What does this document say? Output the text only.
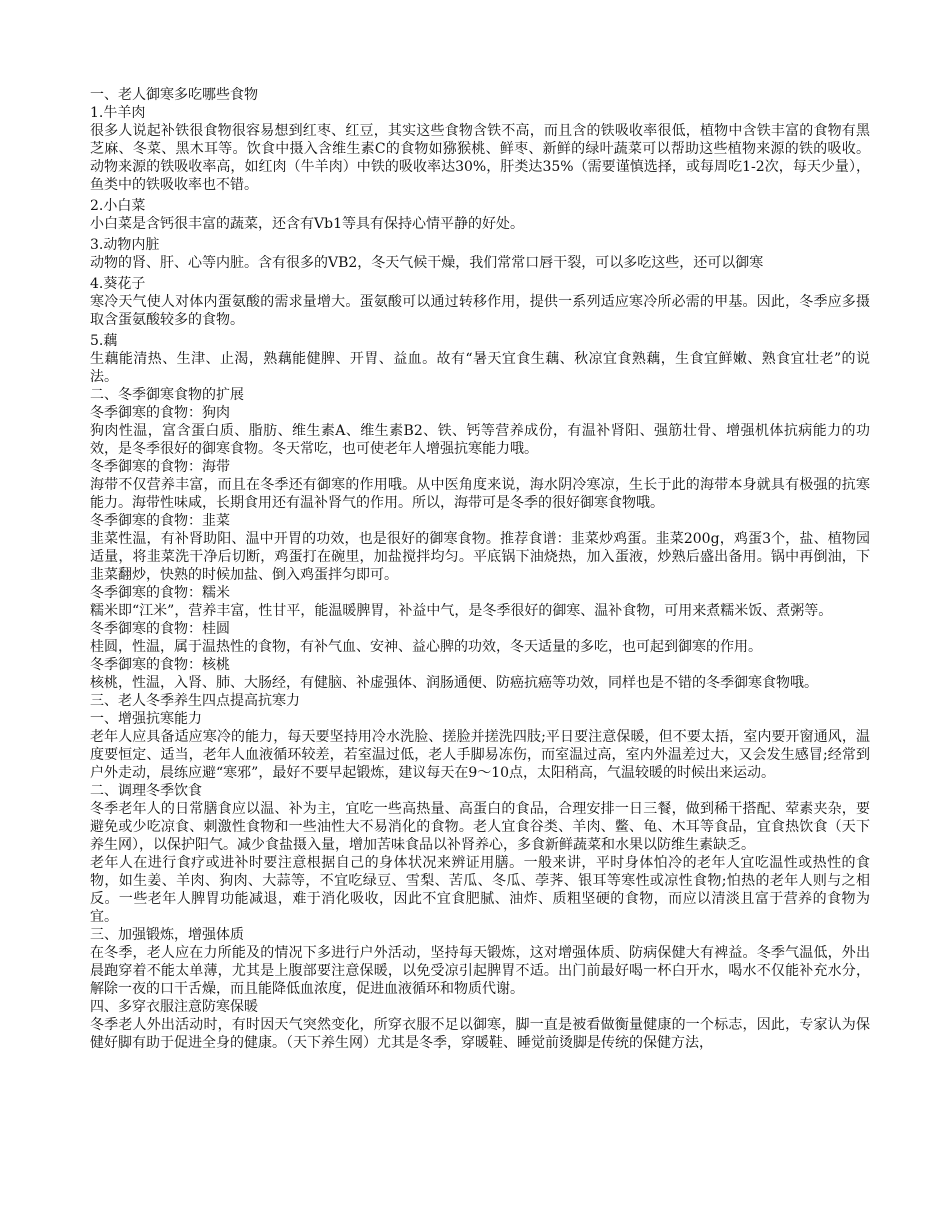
一、老人御寒多吃哪些食物
1.牛羊肉
很多人说起补铁很食物很容易想到红枣、红豆，其实这些食物含铁不高，而且含的铁吸收率很低，植物中含铁丰富的食物有黑芝麻、冬菜、黑木耳等。饮食中摄入含维生素C的食物如猕猴桃、鲜枣、新鲜的绿叶蔬菜可以帮助这些植物来源的铁的吸收。动物来源的铁吸收率高，如红肉（牛羊肉）中铁的吸收率达30%，肝类达35%（需要谨慎选择，或每周吃1-2次，每天少量），鱼类中的铁吸收率也不错。
2.小白菜
小白菜是含钙很丰富的蔬菜，还含有Vb1等具有保持心情平静的好处。
3.动物内脏
动物的肾、肝、心等内脏。含有很多的VB2，冬天气候干燥，我们常常口唇干裂，可以多吃这些，还可以御寒
4.葵花子
寒冷天气使人对体内蛋氨酸的需求量增大。蛋氨酸可以通过转移作用，提供一系列适应寒冷所必需的甲基。因此，冬季应多摄取含蛋氨酸较多的食物。
5.藕
生藕能清热、生津、止渴，熟藕能健脾、开胃、益血。故有“暑天宜食生藕、秋凉宜食熟藕，生食宜鲜嫩、熟食宜壮老”的说法。
二、冬季御寒食物的扩展
冬季御寒的食物：狗肉
狗肉性温，富含蛋白质、脂肪、维生素A、维生素B2、铁、钙等营养成份，有温补肾阳、强筋壮骨、增强机体抗病能力的功效，是冬季很好的御寒食物。冬天常吃，也可使老年人增强抗寒能力哦。
冬季御寒的食物：海带
海带不仅营养丰富，而且在冬季还有御寒的作用哦。从中医角度来说，海水阴冷寒凉，生长于此的海带本身就具有极强的抗寒能力。海带性味咸，长期食用还有温补肾气的作用。所以，海带可是冬季的很好御寒食物哦。
冬季御寒的食物：韭菜
韭菜性温，有补肾助阳、温中开胃的功效，也是很好的御寒食物。推荐食谱：韭菜炒鸡蛋。韭菜200g，鸡蛋3个，盐、植物园适量，将韭菜洗干净后切断，鸡蛋打在碗里，加盐搅拌均匀。平底锅下油烧热，加入蛋液，炒熟后盛出备用。锅中再倒油，下韭菜翻炒，快熟的时候加盐、倒入鸡蛋拌匀即可。
冬季御寒的食物：糯米
糯米即“江米”，营养丰富，性甘平，能温暖脾胃，补益中气，是冬季很好的御寒、温补食物，可用来煮糯米饭、煮粥等。
冬季御寒的食物：桂圆
桂圆，性温，属于温热性的食物，有补气血、安神、益心脾的功效，冬天适量的多吃，也可起到御寒的作用。
冬季御寒的食物：核桃
核桃，性温，入肾、肺、大肠经，有健脑、补虚强体、润肠通便、防癌抗癌等功效，同样也是不错的冬季御寒食物哦。
三、老人冬季养生四点提高抗寒力
一、增强抗寒能力
老年人应具备适应寒冷的能力，每天要坚持用冷水洗脸、搓脸并搓洗四肢;平日要注意保暖，但不要太捂，室内要开窗通风，温度要恒定、适当，老年人血液循环较差，若室温过低，老人手脚易冻伤，而室温过高，室内外温差过大，又会发生感冒;经常到户外走动，晨练应避“寒邪”，最好不要早起锻炼，建议每天在9～10点，太阳稍高，气温较暖的时候出来运动。
二、调理冬季饮食
冬季老年人的日常膳食应以温、补为主，宜吃一些高热量、高蛋白的食品，合理安排一日三餐，做到稀干搭配、荤素夹杂，要避免或少吃凉食、刺激性食物和一些油性大不易消化的食物。老人宜食谷类、羊肉、鳖、龟、木耳等食品，宜食热饮食（天下养生网），以保护阳气。减少食盐摄入量，增加苦味食品以补肾养心，多食新鲜蔬菜和水果以防维生素缺乏。
老年人在进行食疗或进补时要注意根据自己的身体状况来辨证用膳。一般来讲，平时身体怕冷的老年人宜吃温性或热性的食物，如生姜、羊肉、狗肉、大蒜等，不宜吃绿豆、雪梨、苦瓜、冬瓜、荸荠、银耳等寒性或凉性食物;怕热的老年人则与之相反。一些老年人脾胃功能减退，难于消化吸收，因此不宜食肥腻、油炸、质粗坚硬的食物，而应以清淡且富于营养的食物为宜。
三、加强锻炼，增强体质
在冬季，老人应在力所能及的情况下多进行户外活动，坚持每天锻炼，这对增强体质、防病保健大有裨益。冬季气温低，外出晨跑穿着不能太单薄，尤其是上腹部要注意保暖，以免受凉引起脾胃不适。出门前最好喝一杯白开水，喝水不仅能补充水分，解除一夜的口干舌燥，而且能降低血浓度，促进血液循环和物质代谢。
四、多穿衣服注意防寒保暖
冬季老人外出活动时，有时因天气突然变化，所穿衣服不足以御寒，脚一直是被看做衡量健康的一个标志，因此，专家认为保健好脚有助于促进全身的健康。（天下养生网）尤其是冬季，穿暖鞋、睡觉前烫脚是传统的保健方法，
